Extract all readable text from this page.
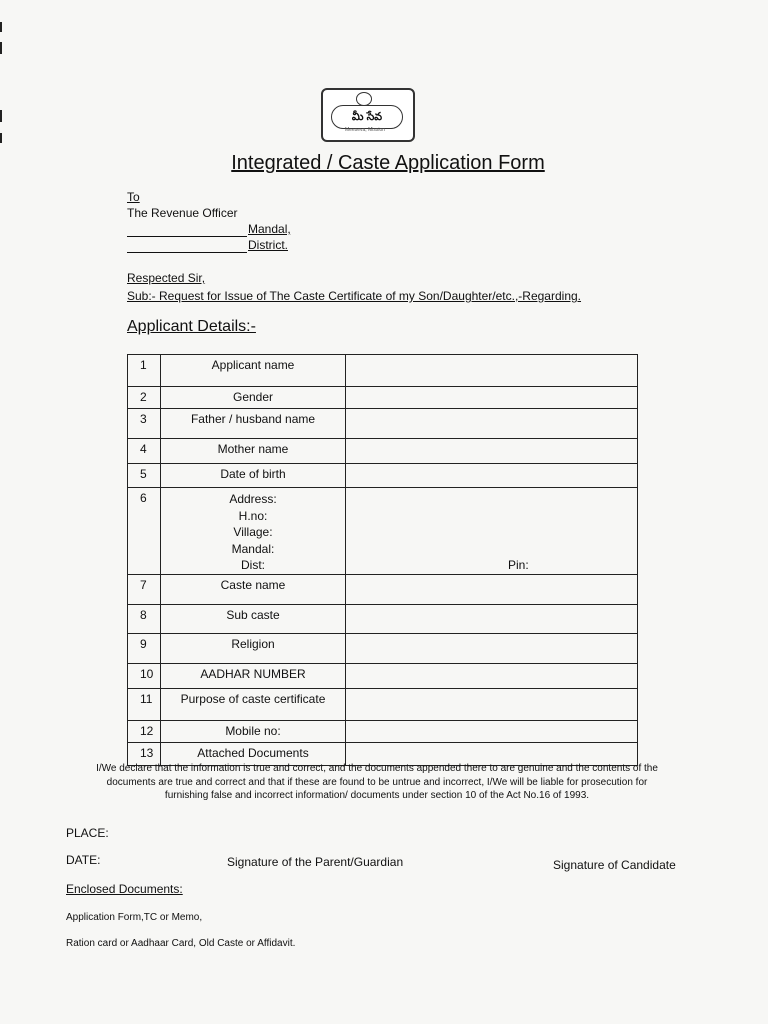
మీ సేవ
Meeseva, Mission
Integrated / Caste Application Form
To
The Revenue Officer
Mandal,
District.
Respected Sir,
Sub:- Request for Issue of The Caste Certificate of my Son/Daughter/etc.,-Regarding.
Applicant Details:-
1	Applicant name	
2	Gender	
3	Father / husband name	
4	Mother name	
5	Date of birth	
6	Address:
H.no:
Village:
Mandal:
Dist:	Pin:

7	Caste name	
8	Sub caste	
9	Religion	
10	AADHAR NUMBER	
11	Purpose of caste certificate	
12	Mobile no:	
13	Attached Documents	
I/We declare that the information is true and correct, and the documents appended there to are genuine and the contents of the
documents are true and correct and that if these are found to be untrue and incorrect, I/We will be liable for prosecution for
furnishing false and incorrect information/ documents under section 10 of the Act No.16 of 1993.
PLACE:
DATE:	Signature of the Parent/Guardian	Signature of Candidate
Enclosed Documents:
Application Form,TC or Memo,
Ration card or Aadhaar Card, Old Caste or Affidavit.
